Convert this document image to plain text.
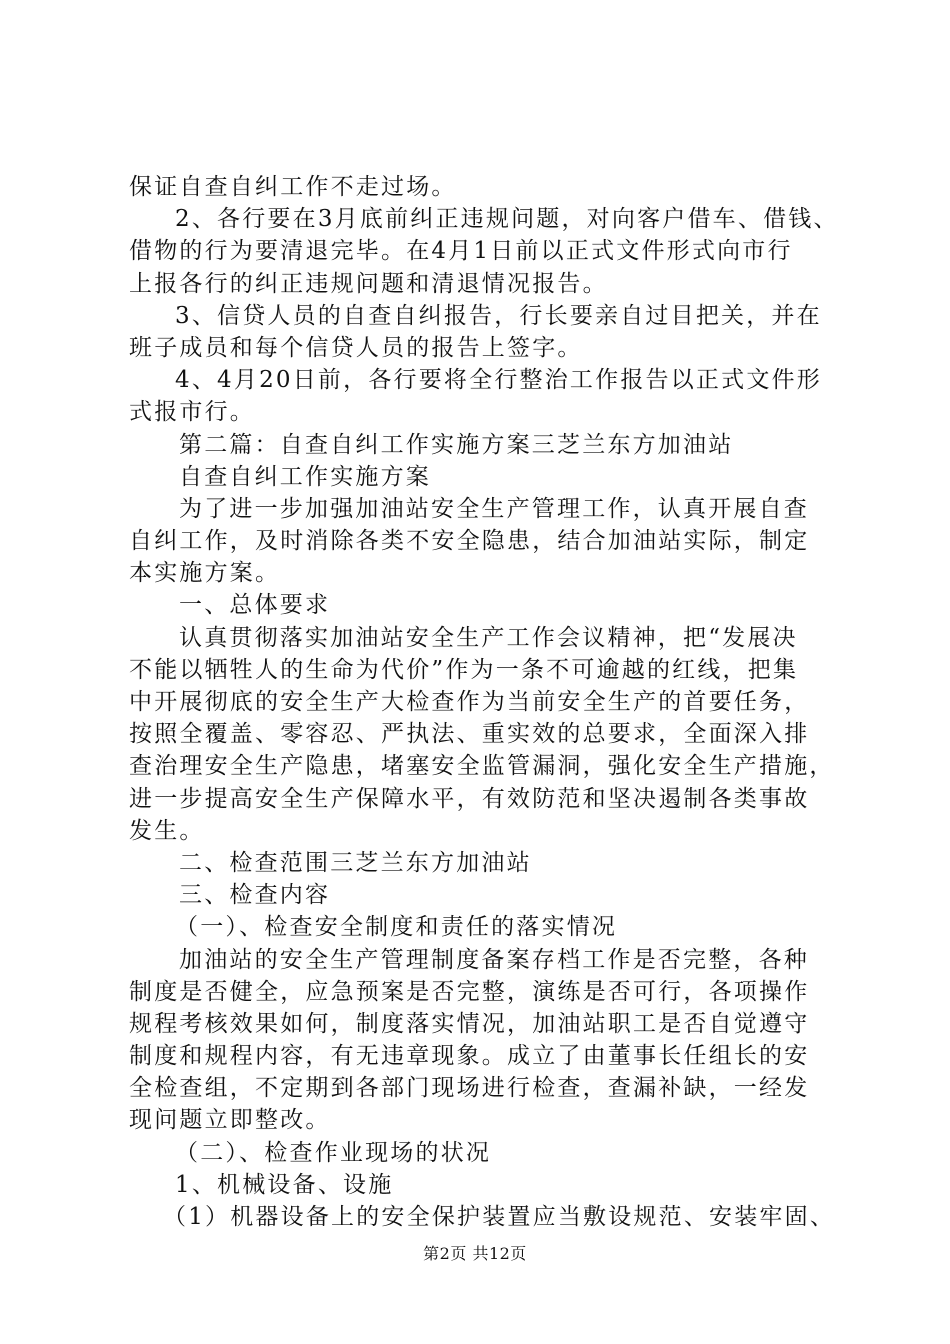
保证自查自纠工作不走过场。
2、各行要在3月底前纠正违规问题，对向客户借车、借钱、
借物的行为要清退完毕。在4月1日前以正式文件形式向市行
上报各行的纠正违规问题和清退情况报告。
3、信贷人员的自查自纠报告，行长要亲自过目把关，并在
班子成员和每个信贷人员的报告上签字。
4、4月20日前，各行要将全行整治工作报告以正式文件形
式报市行。
第二篇：自查自纠工作实施方案三芝兰东方加油站
自查自纠工作实施方案
为了进一步加强加油站安全生产管理工作，认真开展自查
自纠工作，及时消除各类不安全隐患，结合加油站实际，制定
本实施方案。
一、总体要求
认真贯彻落实加油站安全生产工作会议精神，把“发展决
不能以牺牲人的生命为代价”作为一条不可逾越的红线，把集
中开展彻底的安全生产大检查作为当前安全生产的首要任务，
按照全覆盖、零容忍、严执法、重实效的总要求，全面深入排
查治理安全生产隐患，堵塞安全监管漏洞，强化安全生产措施，
进一步提高安全生产保障水平，有效防范和坚决遏制各类事故
发生。
二、检查范围三芝兰东方加油站
三、检查内容
（一）、检查安全制度和责任的落实情况
加油站的安全生产管理制度备案存档工作是否完整，各种
制度是否健全，应急预案是否完整，演练是否可行，各项操作
规程考核效果如何，制度落实情况，加油站职工是否自觉遵守
制度和规程内容，有无违章现象。成立了由董事长任组长的安
全检查组，不定期到各部门现场进行检查，查漏补缺，一经发
现问题立即整改。
（二）、检查作业现场的状况
1、机械设备、设施
（1）机器设备上的安全保护装置应当敷设规范、安装牢固、
第2页 共12页
